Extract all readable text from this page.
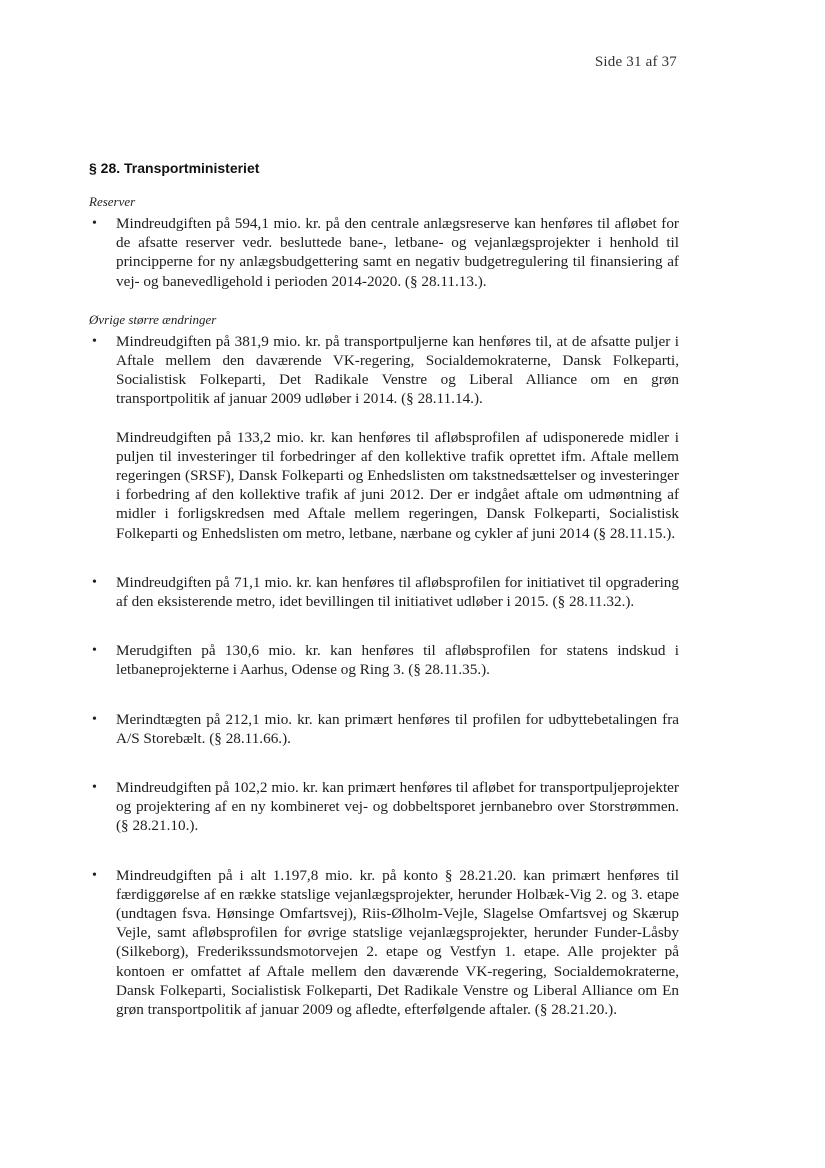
Side 31 af 37
§ 28. Transportministeriet
Reserver
• Mindreudgiften på 594,1 mio. kr. på den centrale anlægsreserve kan henføres til afløbet for de afsatte reserver vedr. besluttede bane-, letbane- og vejanlægsprojekter i henhold til principperne for ny anlægsbudgettering samt en negativ budgetregulering til finansiering af vej- og banevedligehold i perioden 2014-2020. (§ 28.11.13.).

Øvrige større ændringer
• Mindreudgiften på 381,9 mio. kr. på transportpuljerne kan henføres til, at de afsatte puljer i Aftale mellem den daværende VK-regering, Socialdemokraterne, Dansk Folkeparti, Socialistisk Folkeparti, Det Radikale Venstre og Liberal Alliance om en grøn transportpolitik af januar 2009 udløber i 2014. (§ 28.11.14.).

Mindreudgiften på 133,2 mio. kr. kan henføres til afløbsprofilen af udisponerede midler i puljen til investeringer til forbedringer af den kollektive trafik oprettet ifm. Aftale mellem regeringen (SRSF), Dansk Folkeparti og Enhedslisten om takstnedsættelser og investeringer i forbedring af den kollektive trafik af juni 2012. Der er indgået aftale om udmøntning af midler i forligskredsen med Aftale mellem regeringen, Dansk Folkeparti, Socialistisk Folkeparti og Enhedslisten om metro, letbane, nærbane og cykler af juni 2014 (§ 28.11.15.).

• Mindreudgiften på 71,1 mio. kr. kan henføres til afløbsprofilen for initiativet til opgradering af den eksisterende metro, idet bevillingen til initiativet udløber i 2015. (§ 28.11.32.).

• Merudgiften på 130,6 mio. kr. kan henføres til afløbsprofilen for statens indskud i letbaneprojekterne i Aarhus, Odense og Ring 3. (§ 28.11.35.).

• Merindtægten på 212,1 mio. kr. kan primært henføres til profilen for udbyttebetalingen fra A/S Storebælt. (§ 28.11.66.).

• Mindreudgiften på 102,2 mio. kr. kan primært henføres til afløbet for transportpuljeprojekter og projektering af en ny kombineret vej- og dobbeltsporet jernbanebro over Storstrømmen. (§ 28.21.10.).

• Mindreudgiften på i alt 1.197,8 mio. kr. på konto § 28.21.20. kan primært henføres til færdiggørelse af en række statslige vejanlægsprojekter, herunder Holbæk-Vig 2. og 3. etape (undtagen fsva. Hønsinge Omfartsvej), Riis-Ølholm-Vejle, Slagelse Omfartsvej og Skærup Vejle, samt afløbsprofilen for øvrige statslige vejanlægsprojekter, herunder Funder-Låsby (Silkeborg), Frederikssundsmotorvejen 2. etape og Vestfyn 1. etape. Alle projekter på kontoen er omfattet af Aftale mellem den daværende VK-regering, Socialdemokraterne, Dansk Folkeparti, Socialistisk Folkeparti, Det Radikale Venstre og Liberal Alliance om En grøn transportpolitik af januar 2009 og afledte, efterfølgende aftaler. (§ 28.21.20.).
